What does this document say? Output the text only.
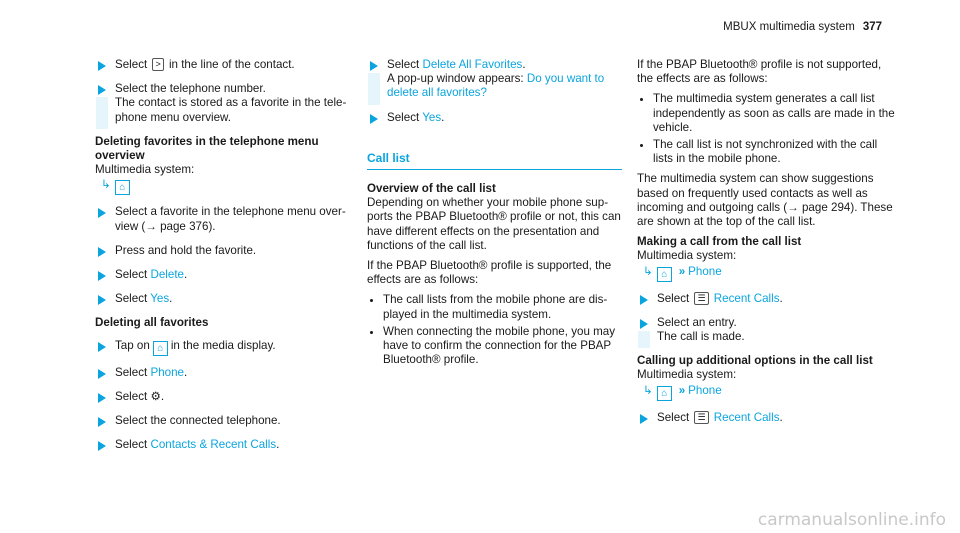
MBUX multimedia system 377
Select > in the line of the contact.
Select the telephone number.
The contact is stored as a favorite in the telephone menu overview.
Deleting favorites in the telephone menu overview
Multimedia system:
↳ ⌂
Select a favorite in the telephone menu overview (→ page 376).
Press and hold the favorite.
Select Delete.
Select Yes.
Deleting all favorites
Tap on ⌂ in the media display.
Select Phone.
Select ⚙.
Select the connected telephone.
Select Contacts & Recent Calls.
Select Delete All Favorites.
A pop-up window appears: Do you want to delete all favorites?
Select Yes.
Call list
Overview of the call list
Depending on whether your mobile phone supports the PBAP Bluetooth® profile or not, this can have different effects on the presentation and functions of the call list.
If the PBAP Bluetooth® profile is supported, the effects are as follows:
• The call lists from the mobile phone are displayed in the multimedia system.
• When connecting the mobile phone, you may have to confirm the connection for the PBAP Bluetooth® profile.
If the PBAP Bluetooth® profile is not supported, the effects are as follows:
• The multimedia system generates a call list independently as soon as calls are made in the vehicle.
• The call list is not synchronized with the call lists in the mobile phone.
The multimedia system can show suggestions based on frequently used contacts as well as incoming and outgoing calls (→ page 294). These are shown at the top of the call list.
Making a call from the call list
Multimedia system:
↳ ⌂ » Phone
Select ☰ Recent Calls.
Select an entry.
The call is made.
Calling up additional options in the call list
Multimedia system:
↳ ⌂ » Phone
Select ☰ Recent Calls.
carmanualsonline.info
